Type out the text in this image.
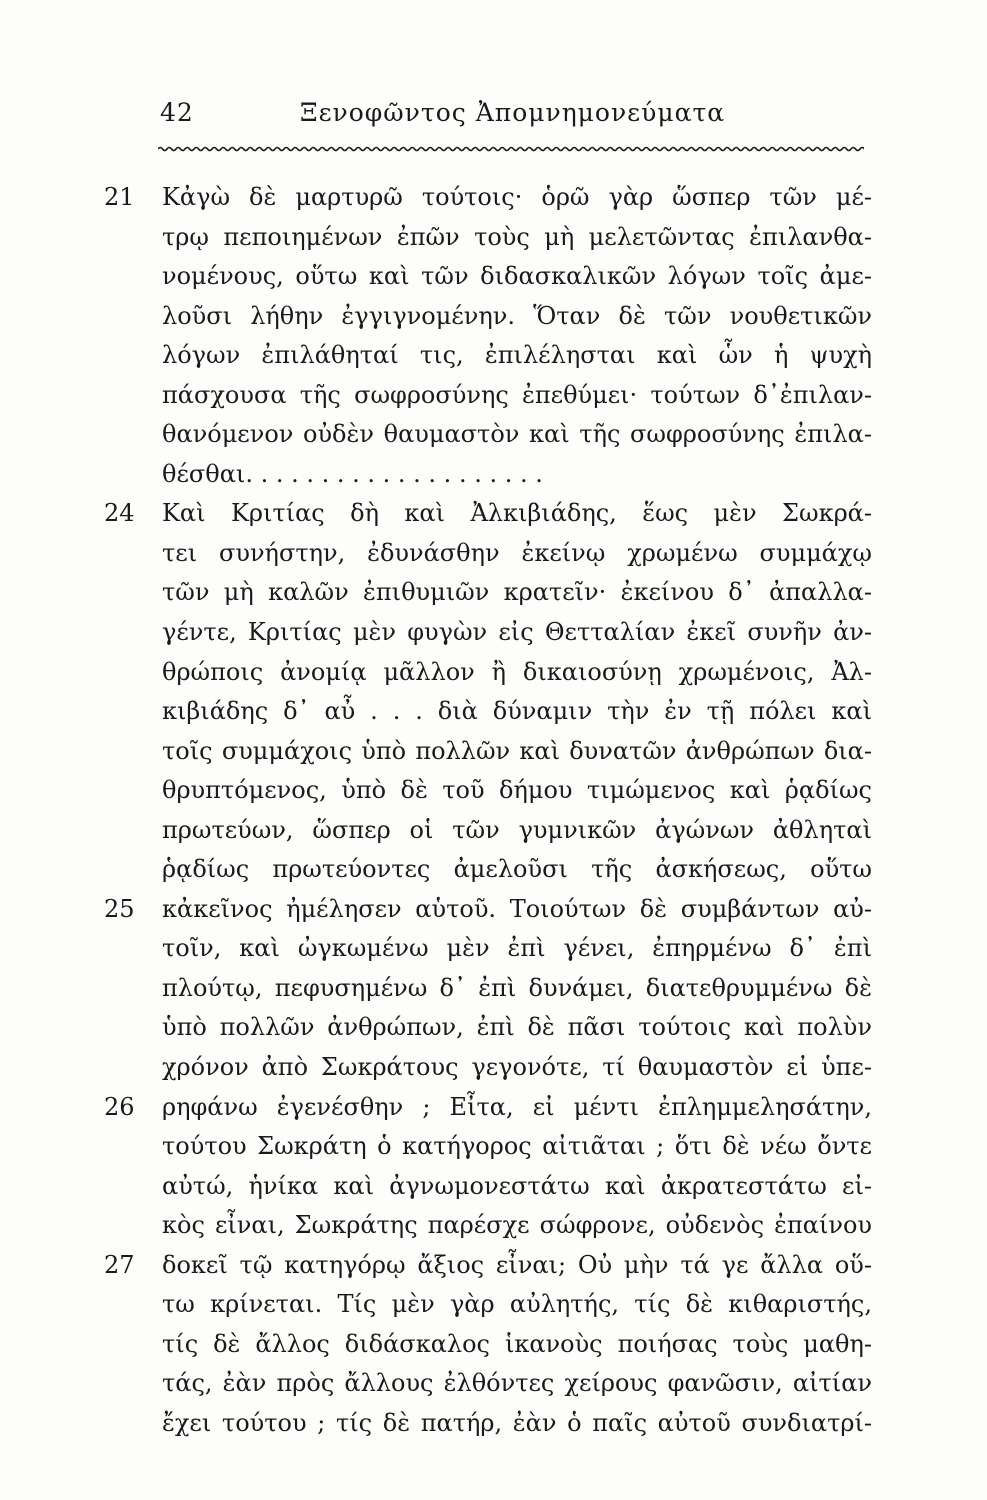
42	Ξενοφῶντος Ἀπομνημονεύματα
21	Κἀγὼ δὲ μαρτυρῶ τούτοις· ὁρῶ γὰρ ὥσπερ τῶν μέ-
τρῳ πεποιημένων ἐπῶν τοὺς μὴ μελετῶντας ἐπιλανθα-
νομένους, οὕτω καὶ τῶν διδασκαλικῶν λόγων τοῖς ἀμε-
λοῦσι λήθην ἐγγιγνομένην. Ὅταν δὲ τῶν νουθετικῶν
λόγων ἐπιλάθηταί τις, ἐπιλέλησται καὶ ὧν ἡ ψυχὴ
πάσχουσα τῆς σωφροσύνης ἐπεθύμει· τούτων δ᾽ἐπιλαν-
θανόμενον οὐδὲν θαυμαστὸν καὶ τῆς σωφροσύνης ἐπιλα-
θέσθαι. . . . . . . . . . . . . . . . . . . .
24	Καὶ Κριτίας δὴ καὶ Ἀλκιβιάδης, ἕως μὲν Σωκρά-
τει συνήστην, ἐδυνάσθην ἐκείνῳ χρωμένω συμμάχῳ
τῶν μὴ καλῶν ἐπιθυμιῶν κρατεῖν· ἐκείνου δ᾽ ἀπαλλα-
γέντε, Κριτίας μὲν φυγὼν εἰς Θετταλίαν ἐκεῖ συνῆν ἀν-
θρώποις ἀνομίᾳ μᾶλλον ἢ δικαιοσύνῃ χρωμένοις, Ἀλ-
κιβιάδης δ᾽ αὖ . . . διὰ δύναμιν τὴν ἐν τῇ πόλει καὶ
τοῖς συμμάχοις ὑπὸ πολλῶν καὶ δυνατῶν ἀνθρώπων δια-
θρυπτόμενος, ὑπὸ δὲ τοῦ δήμου τιμώμενος καὶ ῥᾳδίως
πρωτεύων, ὥσπερ οἱ τῶν γυμνικῶν ἀγώνων ἀθληταὶ
ῥᾳδίως πρωτεύοντες ἀμελοῦσι τῆς ἀσκήσεως, οὕτω
25	κἀκεῖνος ἠμέλησεν αὑτοῦ. Τοιούτων δὲ συμβάντων αὐ-
τοῖν, καὶ ὠγκωμένω μὲν ἐπὶ γένει, ἐπηρμένω δ᾽ ἐπὶ
πλούτῳ, πεφυσημένω δ᾽ ἐπὶ δυνάμει, διατεθρυμμένω δὲ
ὑπὸ πολλῶν ἀνθρώπων, ἐπὶ δὲ πᾶσι τούτοις καὶ πολὺν
χρόνον ἀπὸ Σωκράτους γεγονότε, τί θαυμαστὸν εἰ ὑπε-
26	ρηφάνω ἐγενέσθην ; Εἶτα, εἰ μέντι ἐπλημμελησάτην,
τούτου Σωκράτη ὁ κατήγορος αἰτιᾶται ; ὅτι δὲ νέω ὄντε
αὐτώ, ἡνίκα καὶ ἀγνωμονεστάτω καὶ ἀκρατεστάτω εἰ-
κὸς εἶναι, Σωκράτης παρέσχε σώφρονε, οὐδενὸς ἐπαίνου
27	δοκεῖ τῷ κατηγόρῳ ἄξιος εἶναι; Οὐ μὴν τά γε ἄλλα οὕ-
τω κρίνεται. Τίς μὲν γὰρ αὐλητής, τίς δὲ κιθαριστής,
τίς δὲ ἄλλος διδάσκαλος ἱκανοὺς ποιήσας τοὺς μαθη-
τάς, ἐὰν πρὸς ἄλλους ἐλθόντες χείρους φανῶσιν, αἰτίαν
ἔχει τούτου ; τίς δὲ πατήρ, ἐὰν ὁ παῖς αὐτοῦ συνδιατρί-
